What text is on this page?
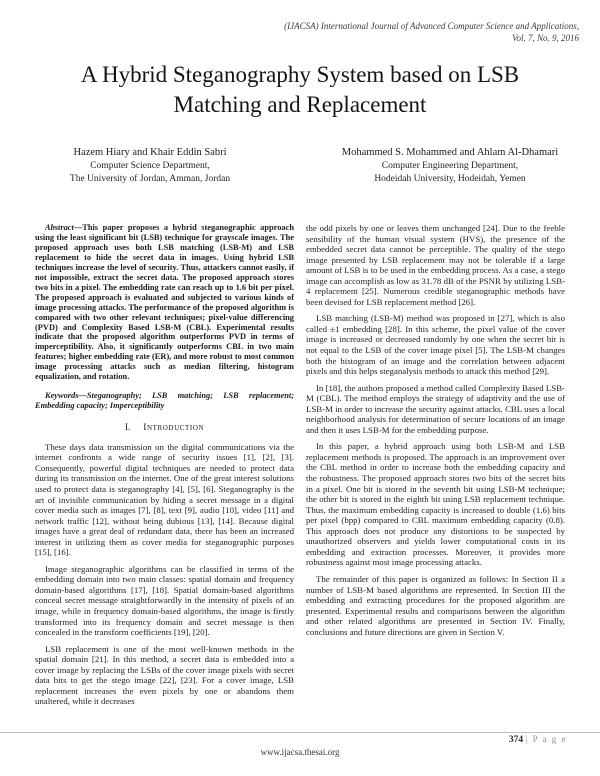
(IJACSA) International Journal of Advanced Computer Science and Applications,
Vol. 7, No. 9, 2016
A Hybrid Steganography System based on LSB Matching and Replacement
Hazem Hiary and Khair Eddin Sabri
Computer Science Department,
The University of Jordan, Amman, Jordan
Mohammed S. Mohammed and Ahlam Al-Dhamari
Computer Engineering Department,
Hodeidah University, Hodeidah, Yemen

Abstract—This paper proposes a hybrid steganographic approach using the least significant bit (LSB) technique for grayscale images. The proposed approach uses both LSB matching (LSB-M) and LSB replacement to hide the secret data in images. Using hybrid LSB techniques increase the level of security. Thus, attackers cannot easily, if not impossible, extract the secret data. The proposed approach stores two bits in a pixel. The embedding rate can reach up to 1.6 bit per pixel. The proposed approach is evaluated and subjected to various kinds of image processing attacks. The performance of the proposed algorithm is compared with two other relevant techniques; pixel-value differencing (PVD) and Complexity Based LSB-M (CBL). Experimental results indicate that the proposed algorithm outperforms PVD in terms of imperceptibility. Also, it significantly outperforms CBL in two main features; higher embedding rate (ER), and more robust to most common image processing attacks such as median filtering, histogram equalization, and rotation.

Keywords—Steganography; LSB matching; LSB replacement; Embedding capacity; Imperceptibility

I. Introduction

These days data transmission on the digital communications via the internet confronts a wide range of security issues [1], [2], [3]. Consequently, powerful digital techniques are needed to protect data during its transmission on the internet. One of the great interest solutions used to protect data is steganography [4], [5], [6]. Steganography is the art of invisible communication by hiding a secret message in a digital cover media such as images [7], [8], text [9], audio [10], video [11] and network traffic [12], without being dubious [13], [14]. Because digital images have a great deal of redundant data, there has been an increased interest in utilizing them as cover media for steganographic purposes [15], [16].

Image steganographic algorithms can be classified in terms of the embedding domain into two main classes: spatial domain and frequency domain-based algorithms [17], [18]. Spatial domain-based algorithms conceal secret message straightforwardly in the intensity of pixels of an image, while in frequency domain-based algorithms, the image is firstly transformed into its frequency domain and secret message is then concealed in the transform coefficients [19], [20].

LSB replacement is one of the most well-known methods in the spatial domain [21]. In this method, a secret data is embedded into a cover image by replacing the LSBs of the cover image pixels with secret data bits to get the stego image [22], [23]. For a cover image, LSB replacement increases the even pixels by one or abandons them unaltered, while it decreases

the odd pixels by one or leaves them unchanged [24]. Due to the feeble sensibility of the human visual system (HVS), the presence of the embedded secret data cannot be perceptible. The quality of the stego image presented by LSB replacement may not be tolerable if a large amount of LSB is to be used in the embedding process. As a case, a stego image can accomplish as low as 31.78 dB of the PSNR by utilizing LSB-4 replacement [25]. Numerous credible steganographic methods have been devised for LSB replacement method [26].

LSB matching (LSB-M) method was proposed in [27], which is also called ±1 embedding [28]. In this scheme, the pixel value of the cover image is increased or decreased randomly by one when the secret bit is not equal to the LSB of the cover image pixel [5]. The LSB-M changes both the histogram of an image and the correlation between adjacent pixels and this helps steganalysis methods to attack this method [29].

In [18], the authors proposed a method called Complexity Based LSB-M (CBL). The method employs the strategy of adaptivity and the use of LSB-M in order to increase the security against attacks. CBL uses a local neighborhood analysis for determination of secure locations of an image and then it uses LSB-M for the embedding purpose.

In this paper, a hybrid approach using both LSB-M and LSB replacement methods is proposed. The approach is an improvement over the CBL method in order to increase both the embedding capacity and the robustness. The proposed approach stores two bits of the secret bits in a pixel. One bit is stored in the seventh bit using LSB-M technique; the other bit is stored in the eighth bit using LSB replacement technique. Thus, the maximum embedding capacity is increased to double (1.6) bits per pixel (bpp) compared to CBL maximum embedding capacity (0.8). This approach does not produce any distortions to be suspected by unauthorized observers and yields lower computational costs in its embedding and extraction processes. Moreover, it provides more robustness against most image processing attacks.

The remainder of this paper is organized as follows: In Section II a number of LSB-M based algorithms are represented. In Section III the embedding and extracting procedures for the proposed algorithm are presented. Experimental results and comparisons between the algorithm and other related algorithms are presented in Section IV. Finally, conclusions and future directions are given in Section V.

374 | P a g e
www.ijacsa.thesai.org
